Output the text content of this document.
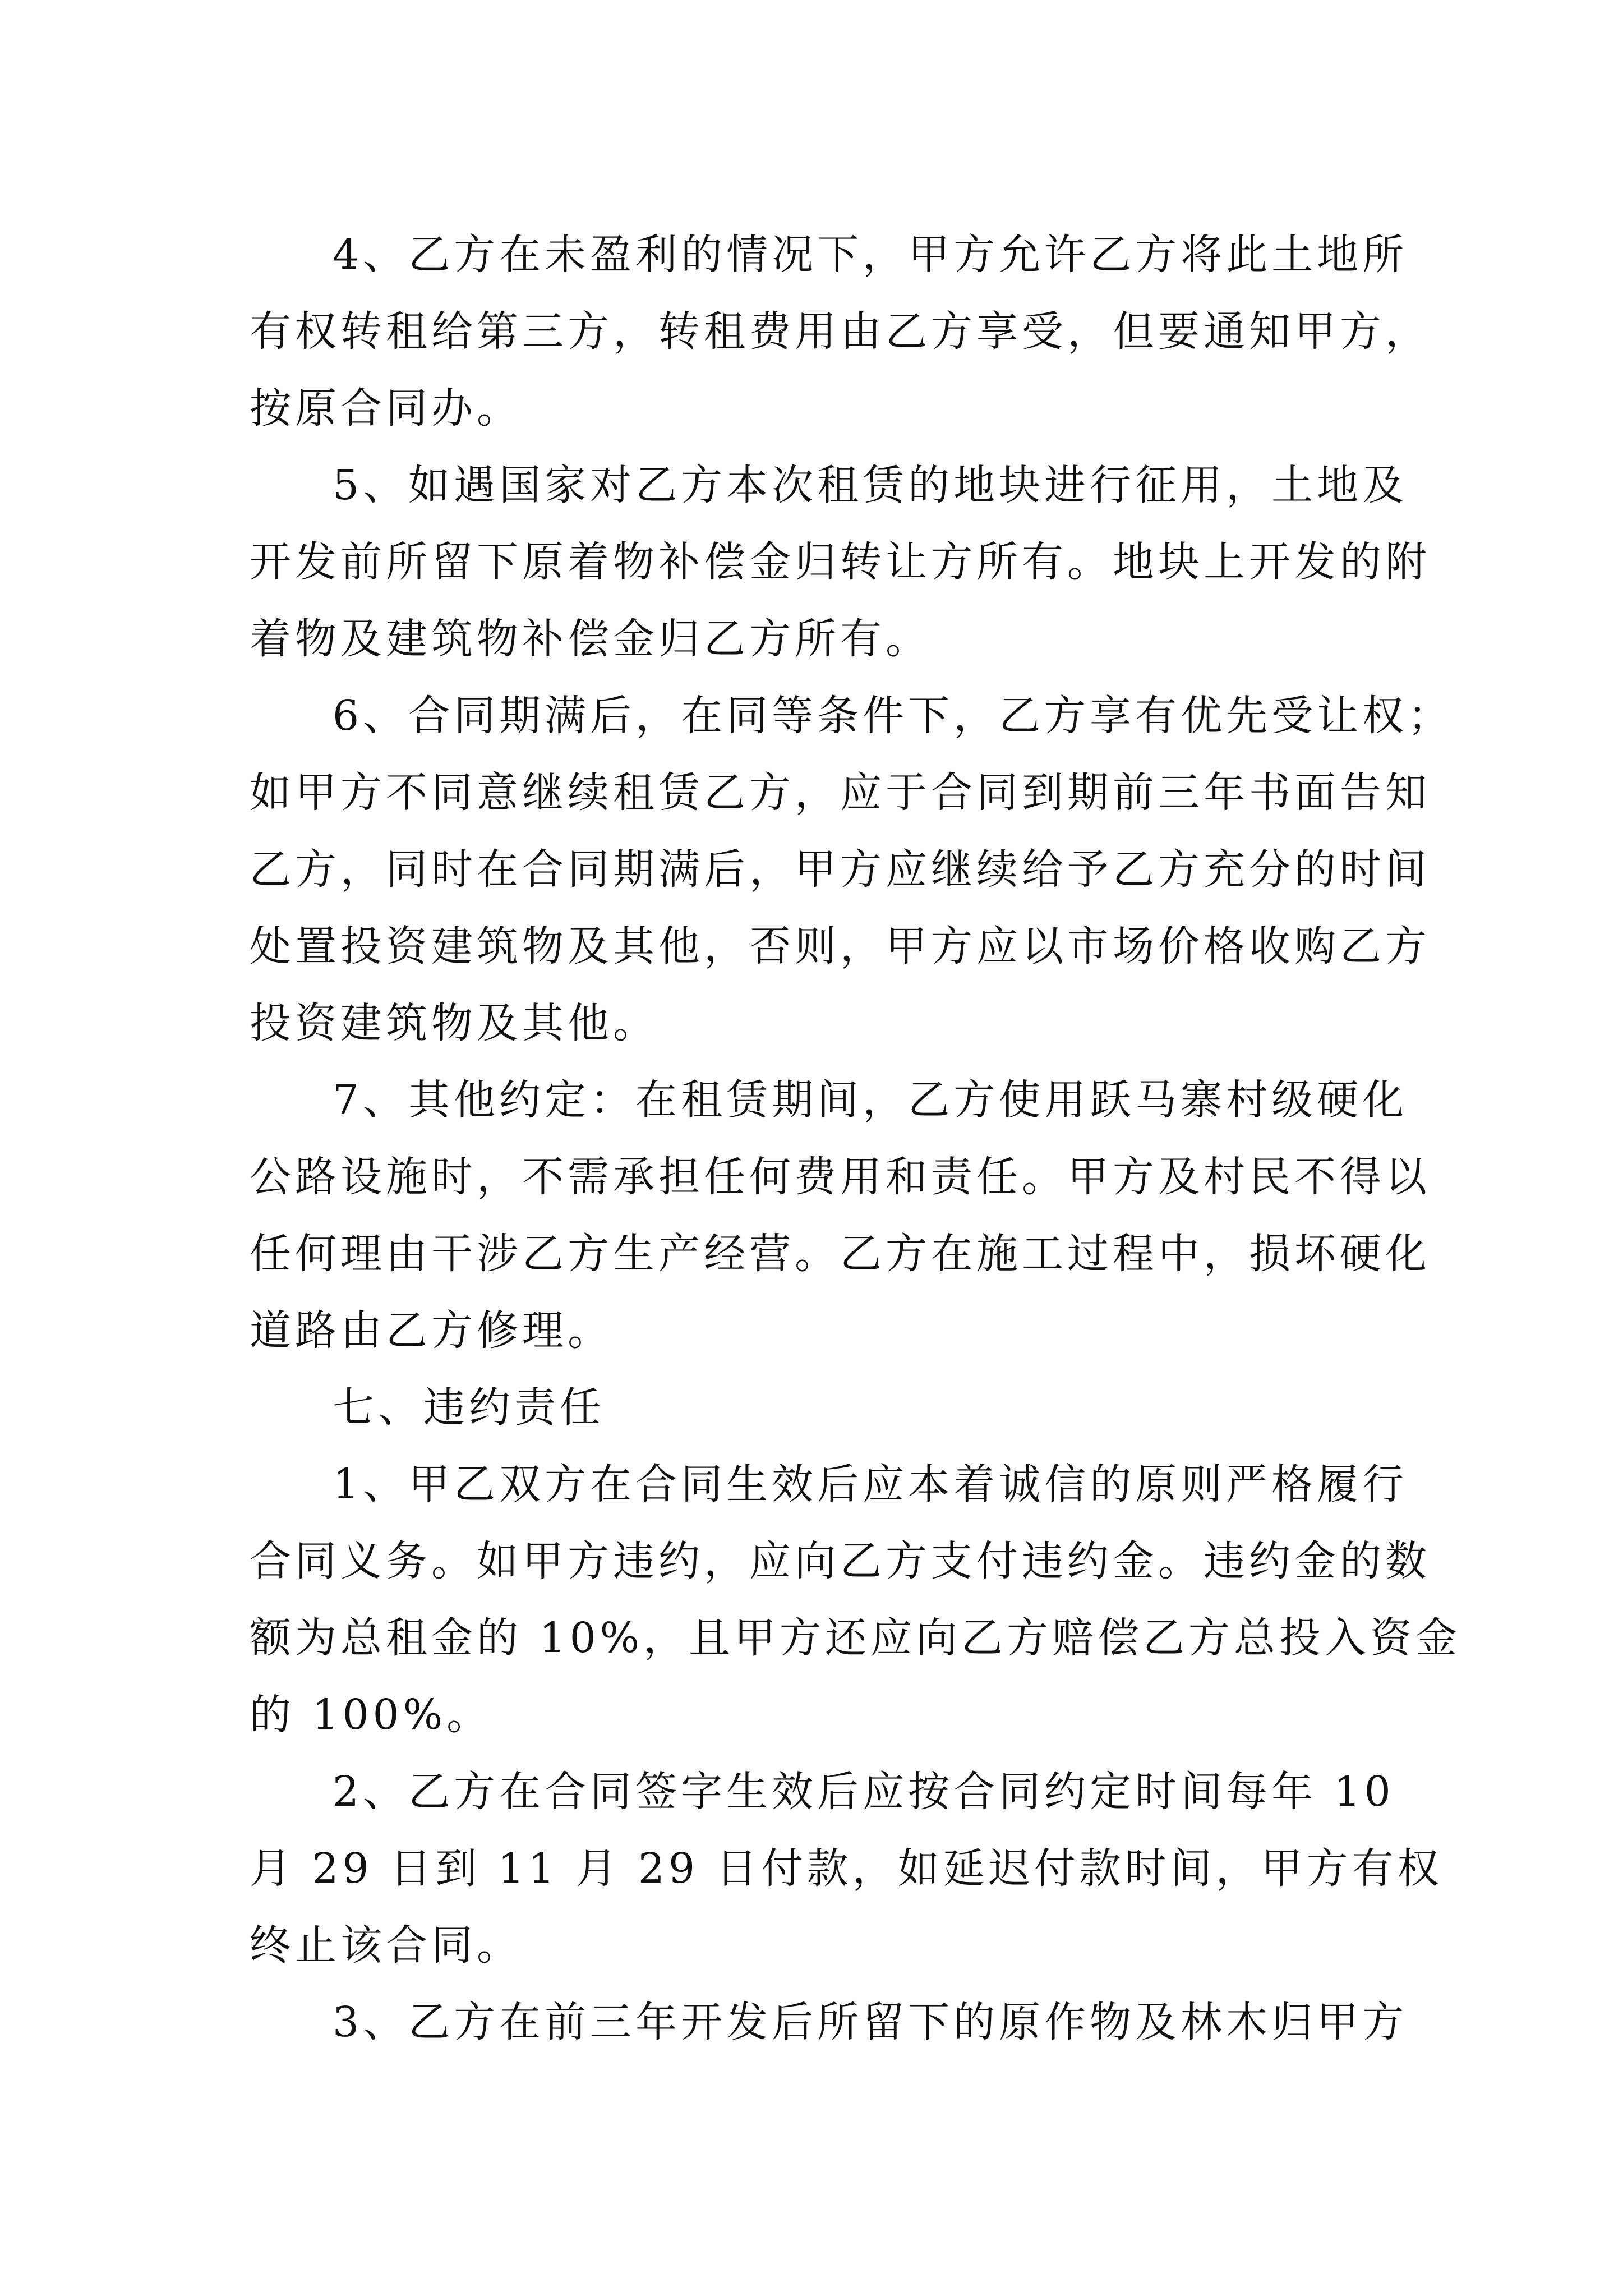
4、乙方在未盈利的情况下，甲方允许乙方将此土地所
有权转租给第三方，转租费用由乙方享受，但要通知甲方，
按原合同办。
5、如遇国家对乙方本次租赁的地块进行征用，土地及
开发前所留下原着物补偿金归转让方所有。地块上开发的附
着物及建筑物补偿金归乙方所有。
6、合同期满后，在同等条件下，乙方享有优先受让权；
如甲方不同意继续租赁乙方，应于合同到期前三年书面告知
乙方，同时在合同期满后，甲方应继续给予乙方充分的时间
处置投资建筑物及其他，否则，甲方应以市场价格收购乙方
投资建筑物及其他。
7、其他约定：在租赁期间，乙方使用跃马寨村级硬化
公路设施时，不需承担任何费用和责任。甲方及村民不得以
任何理由干涉乙方生产经营。乙方在施工过程中，损坏硬化
道路由乙方修理。
七、违约责任
1、甲乙双方在合同生效后应本着诚信的原则严格履行
合同义务。如甲方违约，应向乙方支付违约金。违约金的数
额为总租金的 10%，且甲方还应向乙方赔偿乙方总投入资金
的 100%。
2、乙方在合同签字生效后应按合同约定时间每年 10
月 29 日到 11 月 29 日付款，如延迟付款时间，甲方有权
终止该合同。
3、乙方在前三年开发后所留下的原作物及林木归甲方
